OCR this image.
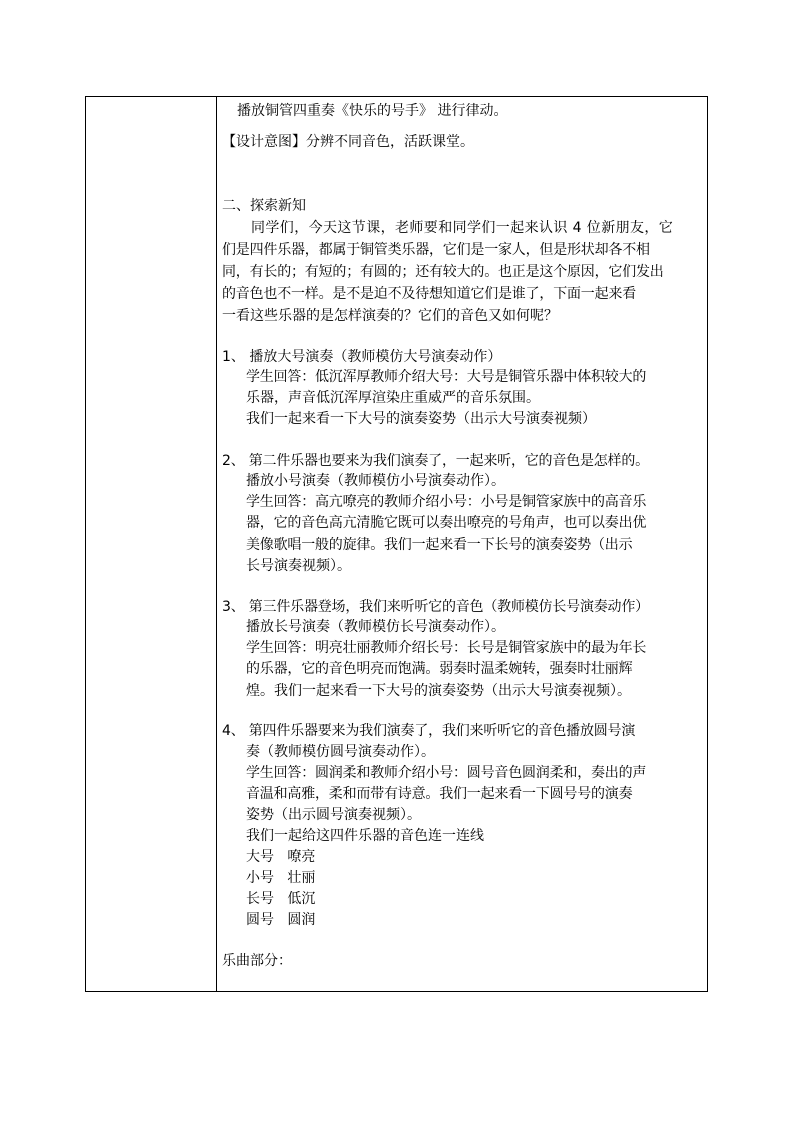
播放铜管四重奏《快乐的号手》 进行律动。
【设计意图】分辨不同音色，活跃课堂。
二、探索新知
同学们，今天这节课，老师要和同学们一起来认识 4 位新朋友，它
们是四件乐器，都属于铜管类乐器，它们是一家人，但是形状却各不相
同，有长的；有短的；有圆的；还有较大的。也正是这个原因，它们发出
的音色也不一样。是不是迫不及待想知道它们是谁了，下面一起来看
一看这些乐器的是怎样演奏的？它们的音色又如何呢？
1、 播放大号演奏（教师模仿大号演奏动作）
学生回答：低沉浑厚教师介绍大号：大号是铜管乐器中体积较大的
乐器，声音低沉浑厚渲染庄重威严的音乐氛围。
我们一起来看一下大号的演奏姿势（出示大号演奏视频）
2、 第二件乐器也要来为我们演奏了，一起来听，它的音色是怎样的。
播放小号演奏（教师模仿小号演奏动作）。
学生回答：高亢嘹亮的教师介绍小号：小号是铜管家族中的高音乐
器，它的音色高亢清脆它既可以奏出嘹亮的号角声，也可以奏出优
美像歌唱一般的旋律。我们一起来看一下长号的演奏姿势（出示
长号演奏视频）。
3、 第三件乐器登场，我们来听听它的音色（教师模仿长号演奏动作）
播放长号演奏（教师模仿长号演奏动作）。
学生回答：明亮壮丽教师介绍长号：长号是铜管家族中的最为年长
的乐器，它的音色明亮而饱满。弱奏时温柔婉转，强奏时壮丽辉
煌。我们一起来看一下大号的演奏姿势（出示大号演奏视频）。
4、 第四件乐器要来为我们演奏了，我们来听听它的音色播放圆号演
奏（教师模仿圆号演奏动作）。
学生回答：圆润柔和教师介绍小号：圆号音色圆润柔和，奏出的声
音温和高雅，柔和而带有诗意。我们一起来看一下圆号号的演奏
姿势（出示圆号演奏视频）。
我们一起给这四件乐器的音色连一连线
大号   嘹亮
小号   壮丽
长号   低沉
圆号   圆润
乐曲部分：
